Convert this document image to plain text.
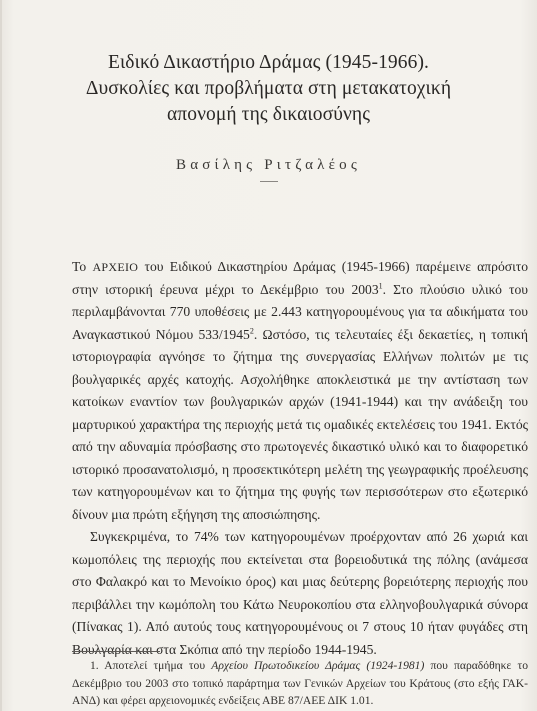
Ειδικό Δικαστήριο Δράμας (1945-1966).
Δυσκολίες και προβλήματα στη μετακατοχική
απονομή της δικαιοσύνης
Βασίλης Ριτζαλέος

Το ΑΡΧΕΙΟ του Ειδικού Δικαστηρίου Δράμας (1945-1966) παρέμεινε απρόσιτο στην ιστορική έρευνα μέχρι το Δεκέμβριο του 2003$^1$. Στο πλούσιο υλικό του περιλαμβάνονται 770 υποθέσεις με 2.443 κατηγορουμένους για τα αδικήματα του Αναγκαστικού Νόμου 533/1945$^2$. Ωστόσο, τις τελευταίες έξι δεκαετίες, η τοπική ιστοριογραφία αγνόησε το ζήτημα της συνεργασίας Ελλήνων πολιτών με τις βουλγαρικές αρχές κατοχής. Ασχολήθηκε αποκλειστικά με την αντίσταση των κατοίκων εναντίον των βουλγαρικών αρχών (1941-1944) και την ανάδειξη του μαρτυρικού χαρακτήρα της περιοχής μετά τις ομαδικές εκτελέσεις του 1941. Εκτός από την αδυναμία πρόσβασης στο πρωτογενές δικαστικό υλικό και το διαφορετικό ιστορικό προσανατολισμό, η προσεκτικότερη μελέτη της γεωγραφικής προέλευσης των κατηγορουμένων και το ζήτημα της φυγής των περισσότερων στο εξωτερικό δίνουν μια πρώτη εξήγηση της αποσιώπησης.

Συγκεκριμένα, το 74% των κατηγορουμένων προέρχονταν από 26 χωριά και κωμοπόλεις της περιοχής που εκτείνεται στα βορειοδυτικά της πόλης (ανάμεσα στο Φαλακρό και το Μενοίκιο όρος) και μιας δεύτερης βορειότερης περιοχής που περιβάλλει την κωμόπολη του Κάτω Νευροκοπίου στα ελληνοβουλγαρικά σύνορα (Πίνακας 1). Από αυτούς τους κατηγορουμένους οι 7 στους 10 ήταν φυγάδες στη Βουλγαρία και στα Σκόπια από την περίοδο 1944-1945.

1. Αποτελεί τμήμα του Αρχείου Πρωτοδικείου Δράμας (1924-1981) που παραδόθηκε το Δεκέμβριο του 2003 στο τοπικό παράρτημα των Γενικών Αρχείων του Κράτους (στο εξής ΓΑΚ-ΑΝΔ) και φέρει αρχειονομικές ενδείξεις ΑΒΕ 87/ΑΕΕ ΔΙΚ 1.01.
